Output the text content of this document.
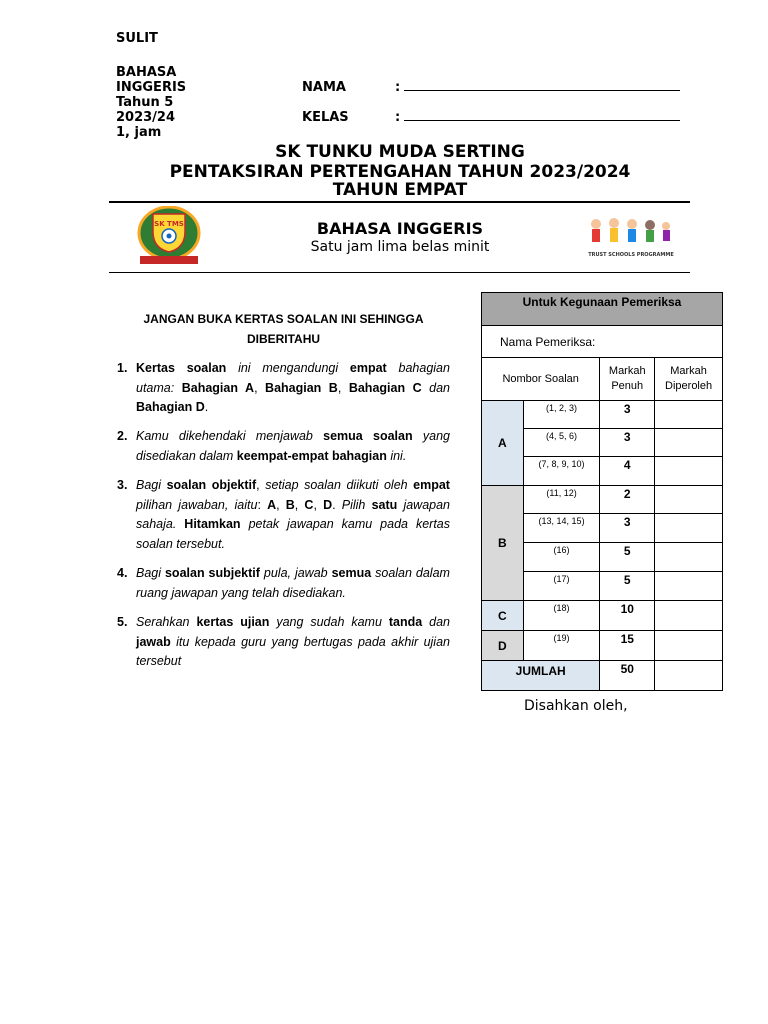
SULIT
BAHASA
INGGERIS
Tahun 5
2023/24
1, jam
NAMA	:
KELAS	:
SK TUNKU MUDA SERTING
PENTAKSIRAN PERTENGAHAN TAHUN 2023/2024
TAHUN EMPAT
SK TMS	BAHASA INGGERIS
Satu jam lima belas minit	TRUST SCHOOLS PROGRAMME
JANGAN BUKA KERTAS SOALAN INI SEHINGGA
DIBERITAHU
1. Kertas soalan ini mengandungi empat bahagian utama: Bahagian A, Bahagian B, Bahagian C dan Bahagian D.
2. Kamu dikehendaki menjawab semua soalan yang disediakan dalam keempat-empat bahagian ini.
3. Bagi soalan objektif, setiap soalan diikuti oleh empat pilihan jawaban, iaitu: A, B, C, D. Pilih satu jawapan sahaja. Hitamkan petak jawapan kamu pada kertas soalan tersebut.
4. Bagi soalan subjektif pula, jawab semua soalan dalam ruang jawapan yang telah disediakan.
5. Serahkan kertas ujian yang sudah kamu tanda dan jawab itu kepada guru yang bertugas pada akhir ujian tersebut
Untuk Kegunaan Pemeriksa			
Nama Pemeriksa:			
Nombor Soalan		Markah Penuh	Markah Diperoleh
A	(1, 2, 3)	3	
	(4, 5, 6)	3	
	(7, 8, 9, 10)	4	
B	(11, 12)	2	
	(13, 14, 15)	3	
	(16)	5	
	(17)	5	
C	(18)	10	
D	(19)	15	
JUMLAH		50	
Disahkan oleh,
